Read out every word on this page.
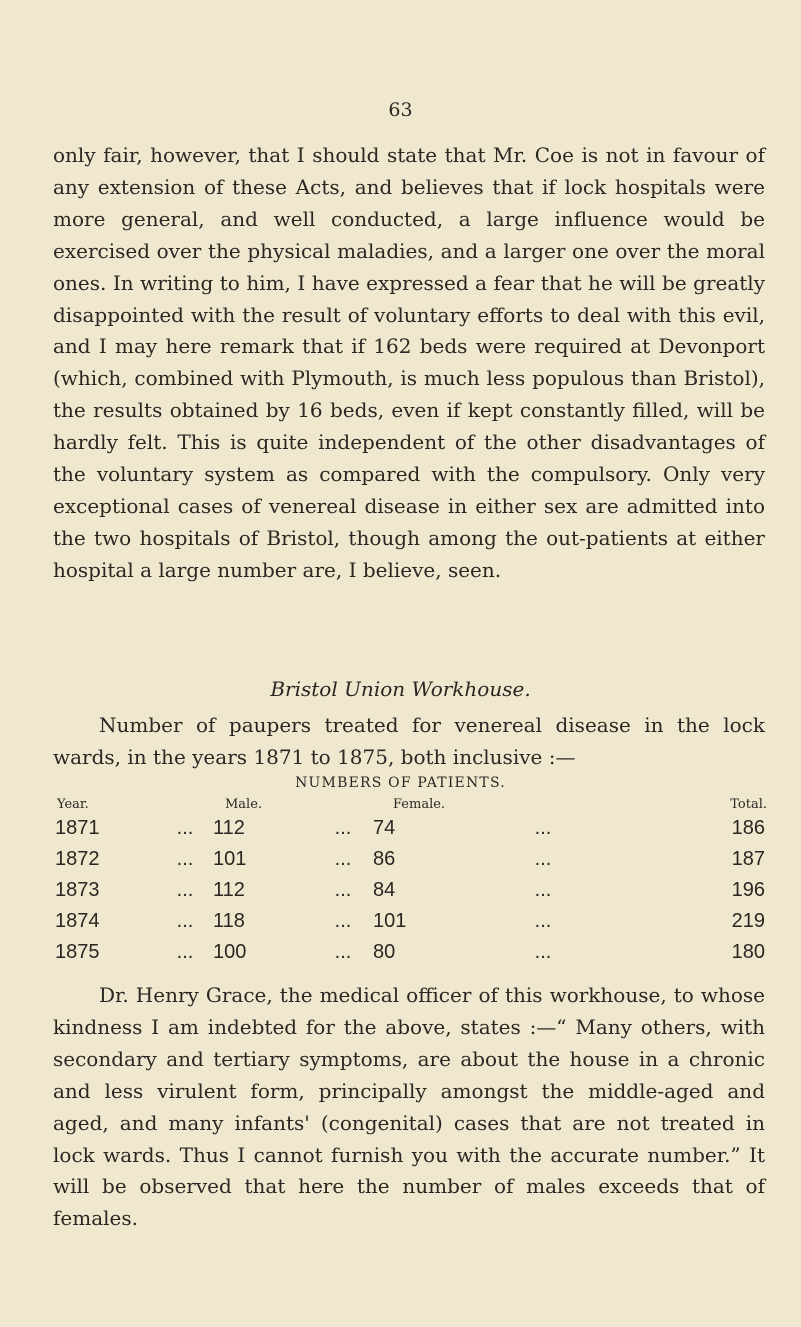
63

only fair, however, that I should state that Mr. Coe is not in favour of any extension of these Acts, and believes that if lock hospitals were more general, and well conducted, a large influence would be exercised over the physical maladies, and a larger one over the moral ones. In writing to him, I have expressed a fear that he will be greatly disappointed with the result of voluntary efforts to deal with this evil, and I may here remark that if 162 beds were required at Devonport (which, combined with Plymouth, is much less populous than Bristol), the results obtained by 16 beds, even if kept constantly filled, will be hardly felt. This is quite independent of the other disadvantages of the voluntary system as compared with the compulsory. Only very exceptional cases of venereal disease in either sex are admitted into the two hospitals of Bristol, though among the out-patients at either hospital a large number are, I believe, seen.

Bristol Union Workhouse.

Number of paupers treated for venereal disease in the lock wards, in the years 1871 to 1875, both inclusive :—

NUMBERS OF PATIENTS.
Year.		Male.		Female.		Total.
1871	...	112	...	74	...	186
1872	...	101	...	86	...	187
1873	...	112	...	84	...	196
1874	...	118	...	101	...	219
1875	...	100	...	80	...	180

Dr. Henry Grace, the medical officer of this workhouse, to whose kindness I am indebted for the above, states :—“ Many others, with secondary and tertiary symptoms, are about the house in a chronic and less virulent form, principally amongst the middle-aged and aged, and many infants' (congenital) cases that are not treated in lock wards. Thus I cannot furnish you with the accurate number.” It will be observed that here the number of males exceeds that of females.
